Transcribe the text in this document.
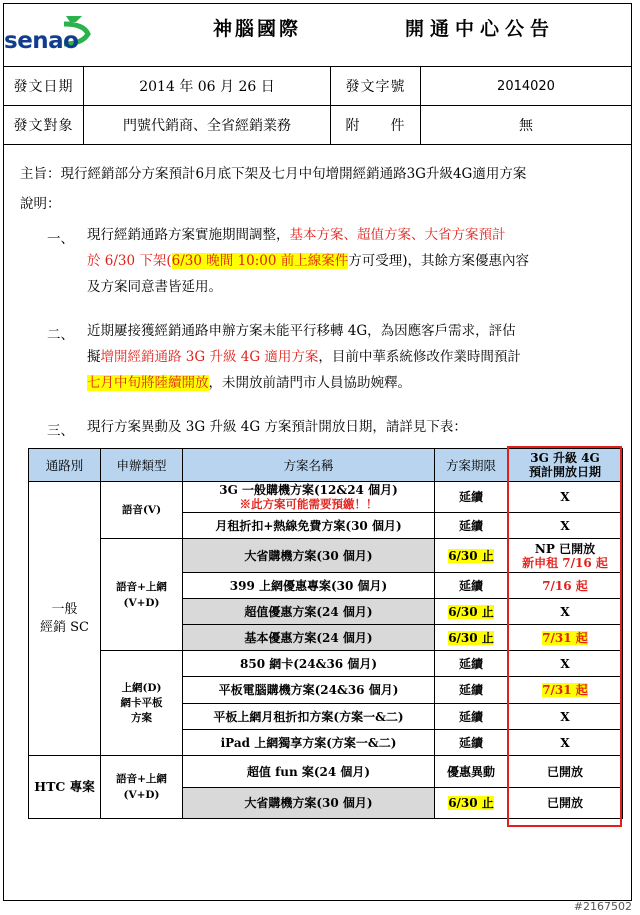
senao	神腦國際	開通中心公告
發文日期	2014 年 06 月 26 日	發文字號	2014020
發文對象	門號代銷商、全省經銷業務	附　　件	無
主旨：現行經銷部分方案預計6月底下架及七月中旬增開經銷通路3G升級4G適用方案
說明：
一、 現行經銷通路方案實施期間調整，基本方案、超值方案、大省方案預計
於 6/30 下架(6/30 晚間 10:00 前上線案件方可受理)，其餘方案優惠內容
及方案同意書皆延用。
二、 近期屢接獲經銷通路申辦方案未能平行移轉 4G，為因應客戶需求，評估
擬增開經銷通路 3G 升級 4G 適用方案，目前中華系統修改作業時間預計
七月中旬將陸續開放，未開放前請門市人員協助婉釋。
三、 現行方案異動及 3G 升級 4G 方案預計開放日期，請詳見下表：
通路別	申辦類型	方案名稱	方案期限	3G 升級 4G
預計開放日期
一般
經銷 SC	語音(V)	3G 一般購機方案(12&24 個月)
※此方案可能需要預繳！！	延續	X
		月租折扣+熱線免費方案(30 個月)	延續	X
	語音+上網
(V+D)	大省購機方案(30 個月)	6/30 止	NP 已開放
新申租 7/16 起
		399 上網優惠專案(30 個月)	延續	7/16 起
		超值優惠方案(24 個月)	6/30 止	X
		基本優惠方案(24 個月)	6/30 止	7/31 起
	上網(D)
網卡平板
方案	850 網卡(24&36 個月)	延續	X
		平板電腦購機方案(24&36 個月)	延續	7/31 起
		平板上網月租折扣方案(方案一&二)	延續	X
		iPad 上網獨享方案(方案一&二)	延續	X
HTC 專案	語音+上網
(V+D)	超值 fun 案(24 個月)	優惠異動	已開放
		大省購機方案(30 個月)	6/30 止	已開放
#2167502
